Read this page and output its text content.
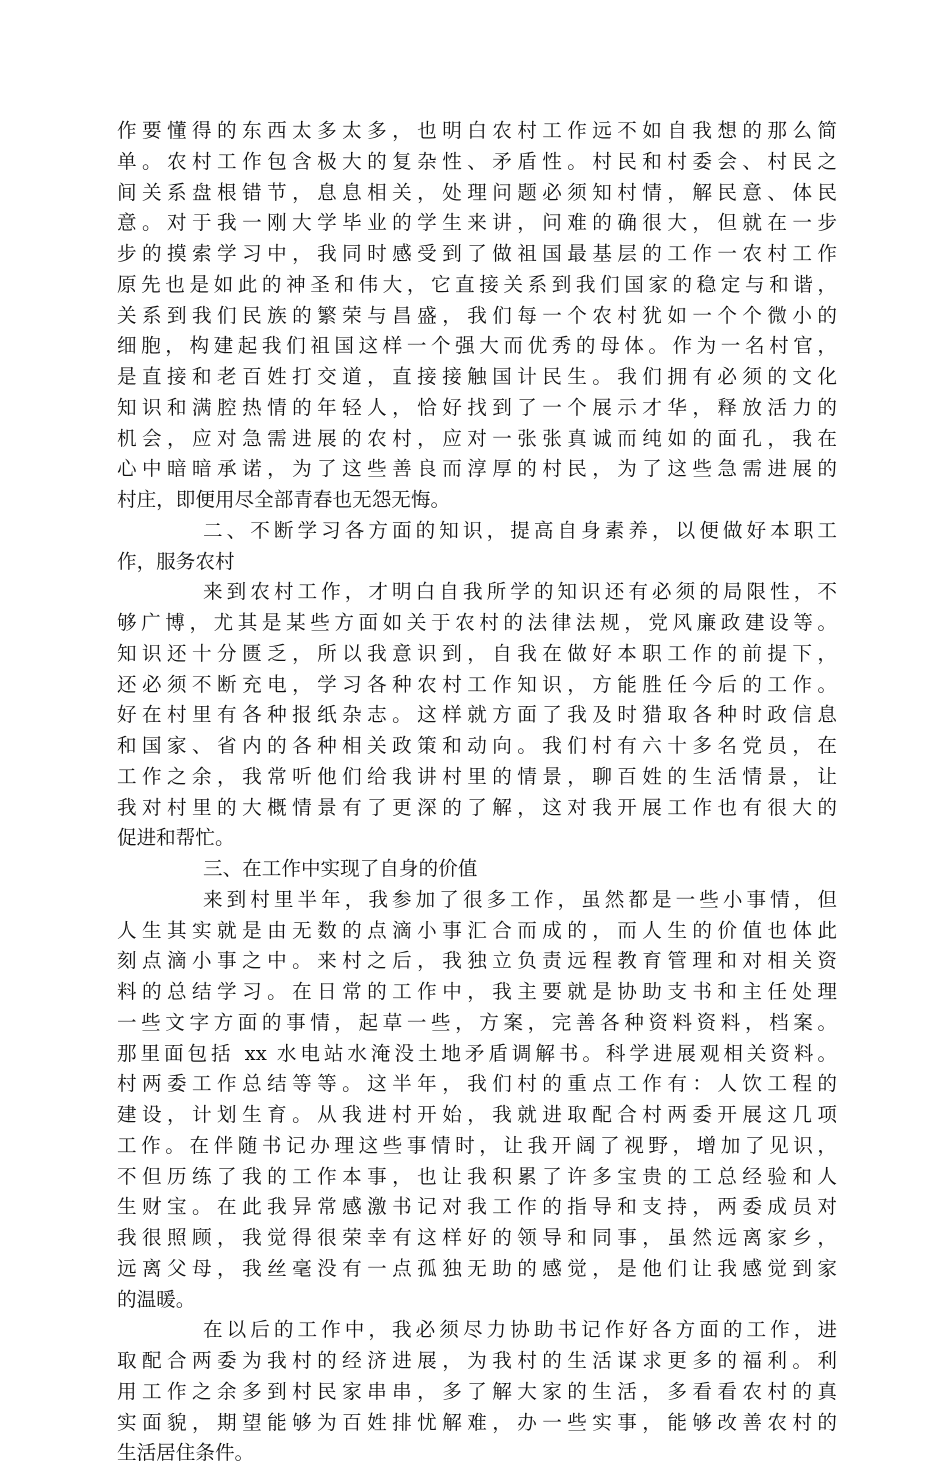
作要懂得的东西太多太多，也明白农村工作远不如自我想的那么简
单。农村工作包含极大的复杂性、矛盾性。村民和村委会、村民之
间关系盘根错节，息息相关，处理问题必须知村情，解民意、体民
意。对于我一刚大学毕业的学生来讲，问难的确很大，但就在一步
步的摸索学习中，我同时感受到了做祖国最基层的工作一农村工作
原先也是如此的神圣和伟大，它直接关系到我们国家的稳定与和谐，
关系到我们民族的繁荣与昌盛，我们每一个农村犹如一个个微小的
细胞，构建起我们祖国这样一个强大而优秀的母体。作为一名村官，
是直接和老百姓打交道，直接接触国计民生。我们拥有必须的文化
知识和满腔热情的年轻人，恰好找到了一个展示才华，释放活力的
机会，应对急需进展的农村，应对一张张真诚而纯如的面孔，我在
心中暗暗承诺，为了这些善良而淳厚的村民，为了这些急需进展的
村庄，即便用尽全部青春也无怨无悔。
二、不断学习各方面的知识，提高自身素养，以便做好本职工
作，服务农村
来到农村工作，才明白自我所学的知识还有必须的局限性，不
够广博，尤其是某些方面如关于农村的法律法规，党风廉政建设等。
知识还十分匮乏，所以我意识到，自我在做好本职工作的前提下，
还必须不断充电，学习各种农村工作知识，方能胜任今后的工作。
好在村里有各种报纸杂志。这样就方面了我及时猎取各种时政信息
和国家、省内的各种相关政策和动向。我们村有六十多名党员，在
工作之余，我常听他们给我讲村里的情景，聊百姓的生活情景，让
我对村里的大概情景有了更深的了解，这对我开展工作也有很大的
促进和帮忙。
三、在工作中实现了自身的价值
来到村里半年，我参加了很多工作，虽然都是一些小事情，但
人生其实就是由无数的点滴小事汇合而成的，而人生的价值也体此
刻点滴小事之中。来村之后，我独立负责远程教育管理和对相关资
料的总结学习。在日常的工作中，我主要就是协助支书和主任处理
一些文字方面的事情，起草一些，方案，完善各种资料资料，档案。
那里面包括 xx 水电站水淹没土地矛盾调解书。科学进展观相关资料。
村两委工作总结等等。这半年，我们村的重点工作有：人饮工程的
建设，计划生育。从我进村开始，我就进取配合村两委开展这几项
工作。在伴随书记办理这些事情时，让我开阔了视野，增加了见识，
不但历练了我的工作本事，也让我积累了许多宝贵的工总经验和人
生财宝。在此我异常感激书记对我工作的指导和支持，两委成员对
我很照顾，我觉得很荣幸有这样好的领导和同事，虽然远离家乡，
远离父母，我丝毫没有一点孤独无助的感觉，是他们让我感觉到家
的温暖。
在以后的工作中，我必须尽力协助书记作好各方面的工作，进
取配合两委为我村的经济进展，为我村的生活谋求更多的福利。利
用工作之余多到村民家串串，多了解大家的生活，多看看农村的真
实面貌，期望能够为百姓排忧解难，办一些实事，能够改善农村的
生活居住条件。
